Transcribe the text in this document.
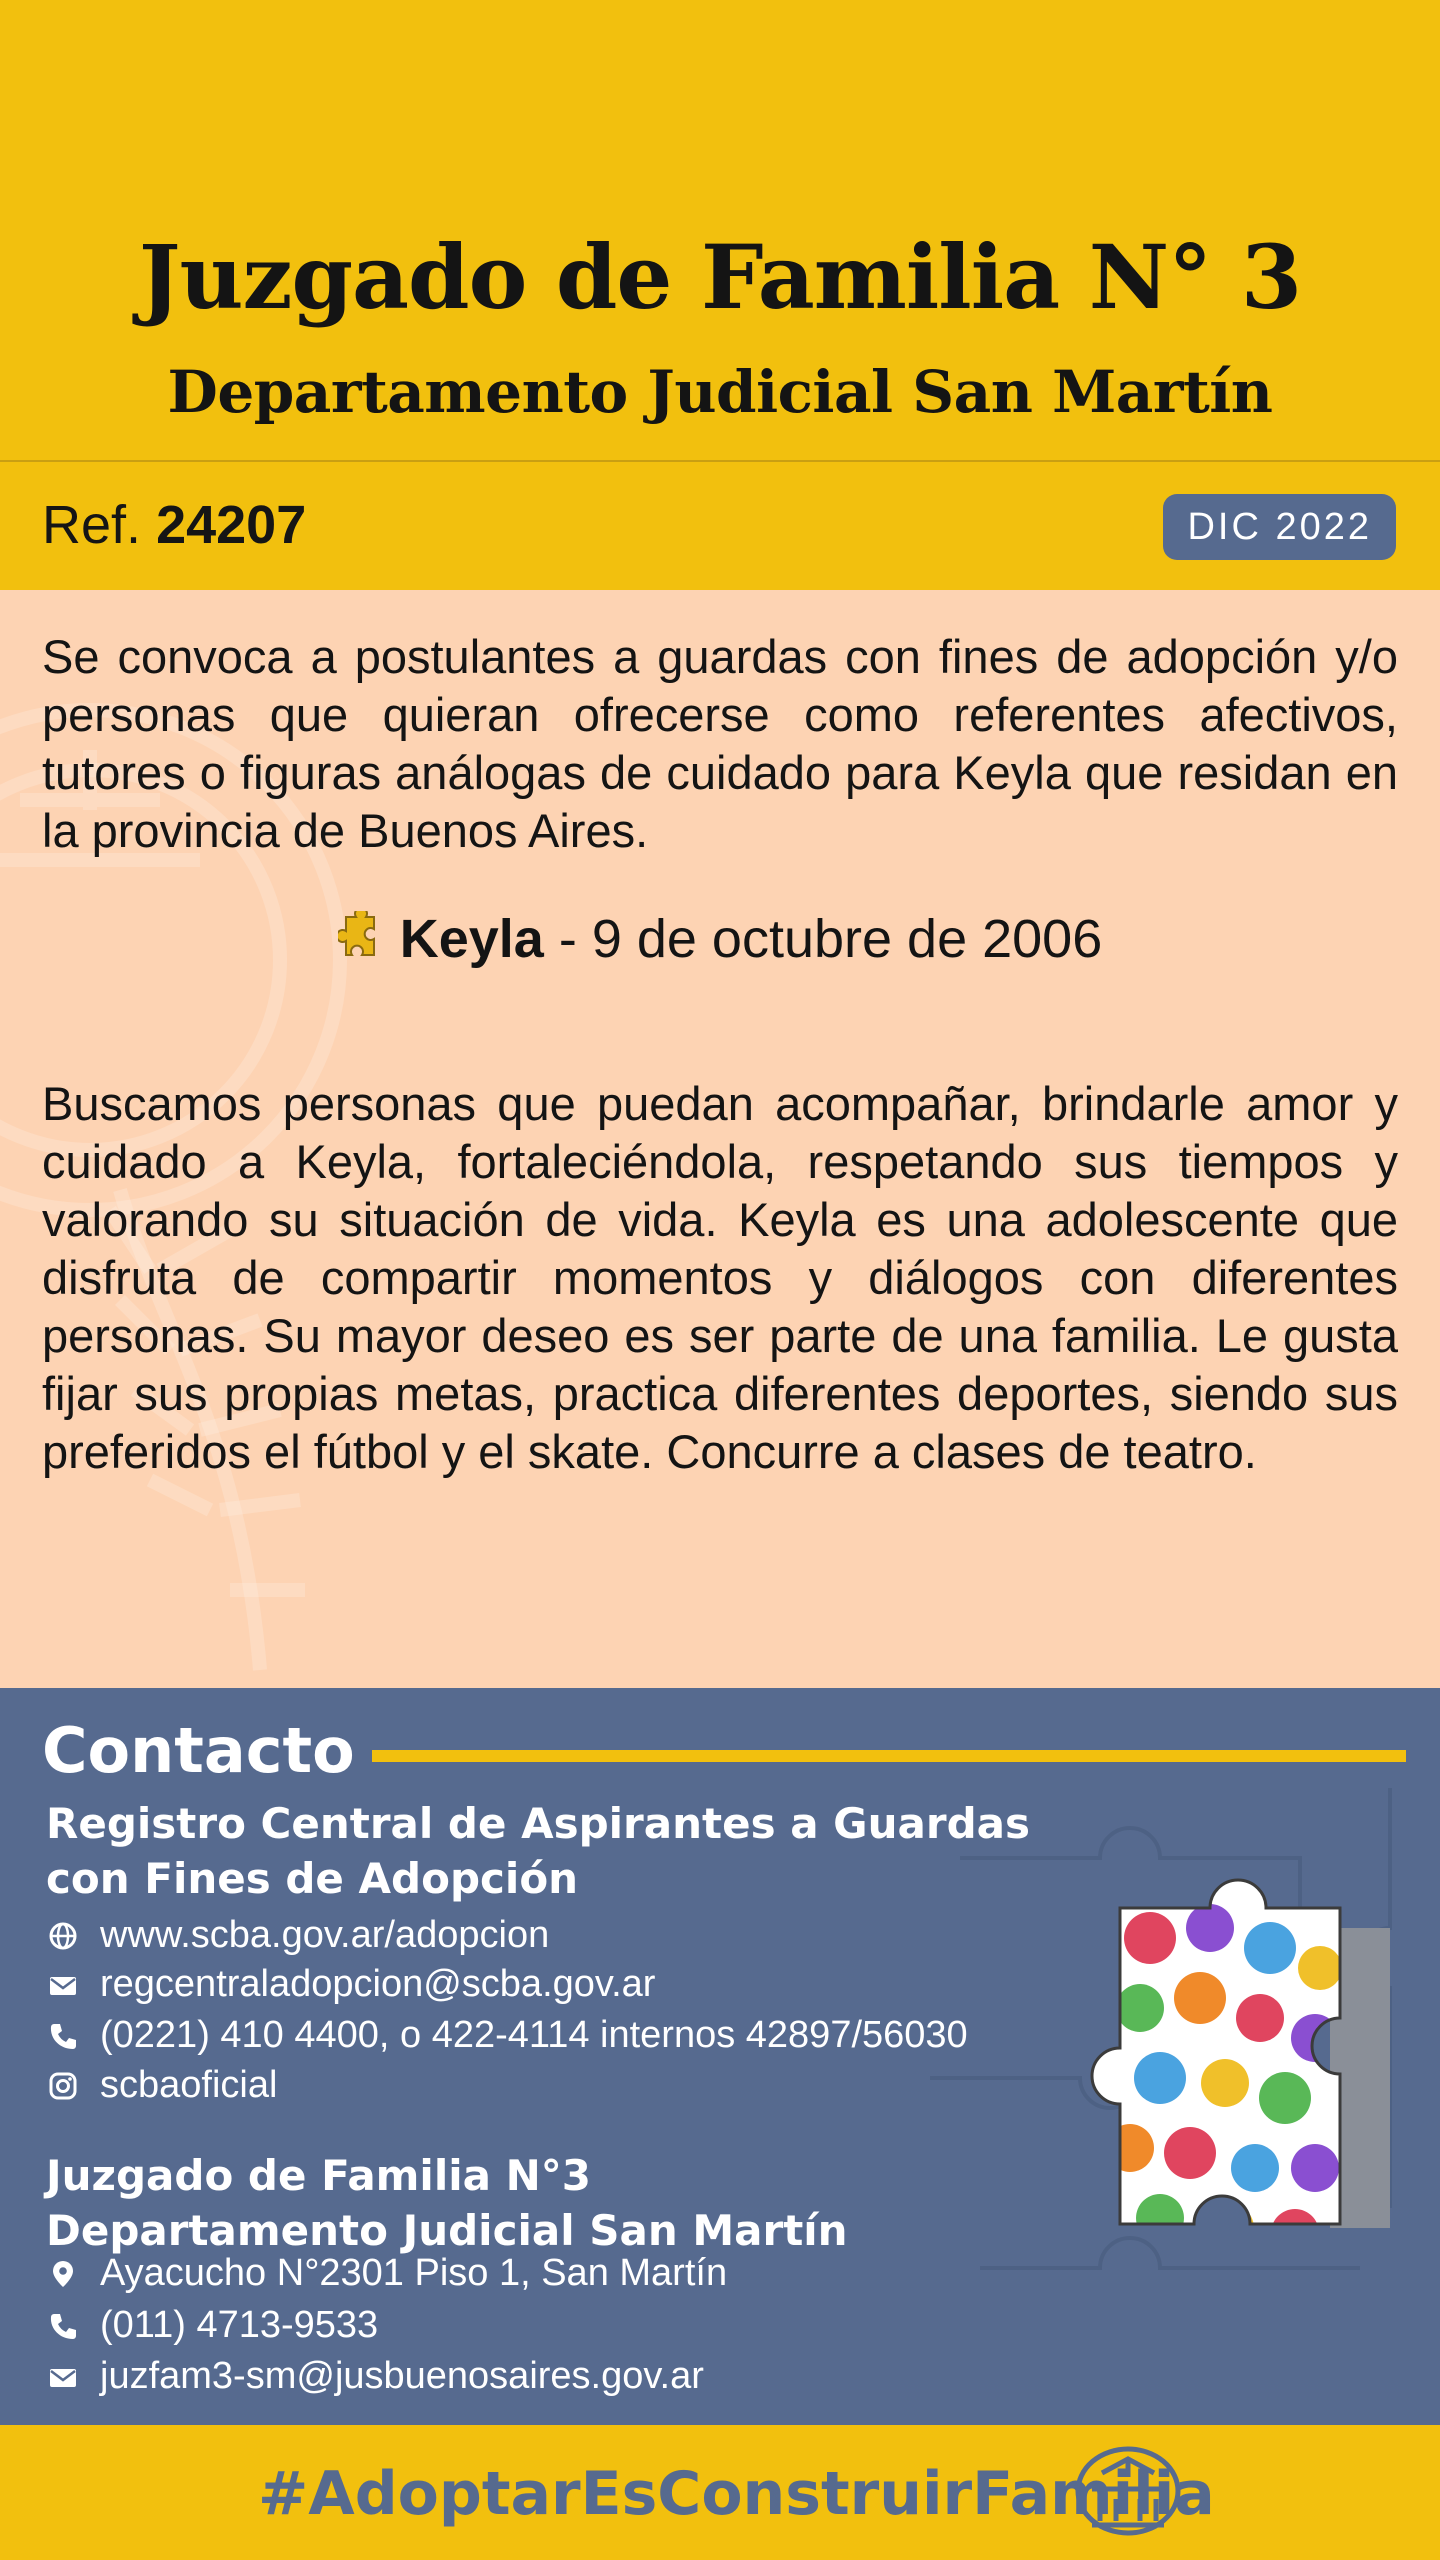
Juzgado de Familia N° 3
Departamento Judicial San Martín
Ref. 24207	DIC 2022
Se convoca a postulantes a guardas con fines de adopción y/o personas que quieran ofrecerse como referentes afectivos, tutores o figuras análogas de cuidado para Keyla que residan en la provincia de Buenos Aires.
Keyla - 9 de octubre de 2006
Buscamos personas que puedan acompañar, brindarle amor y cuidado a Keyla, fortaleciéndola, respetando sus tiempos y valorando su situación de vida. Keyla es una adolescente que disfruta de compartir momentos y diálogos con diferentes personas. Su mayor deseo es ser parte de una familia. Le gusta fijar sus propias metas, practica diferentes deportes, siendo sus preferidos el fútbol y el skate. Concurre a clases de teatro.
Contacto
Registro Central de Aspirantes a Guardas
con Fines de Adopción
www.scba.gov.ar/adopcion
regcentraladopcion@scba.gov.ar
(0221) 410 4400, o 422-4114 internos 42897/56030
scbaoficial
Juzgado de Familia N°3
Departamento Judicial San Martín
Ayacucho N°2301 Piso 1, San Martín
(011) 4713-9533
juzfam3-sm@jusbuenosaires.gov.ar
#AdoptarEsConstruirFamilia
